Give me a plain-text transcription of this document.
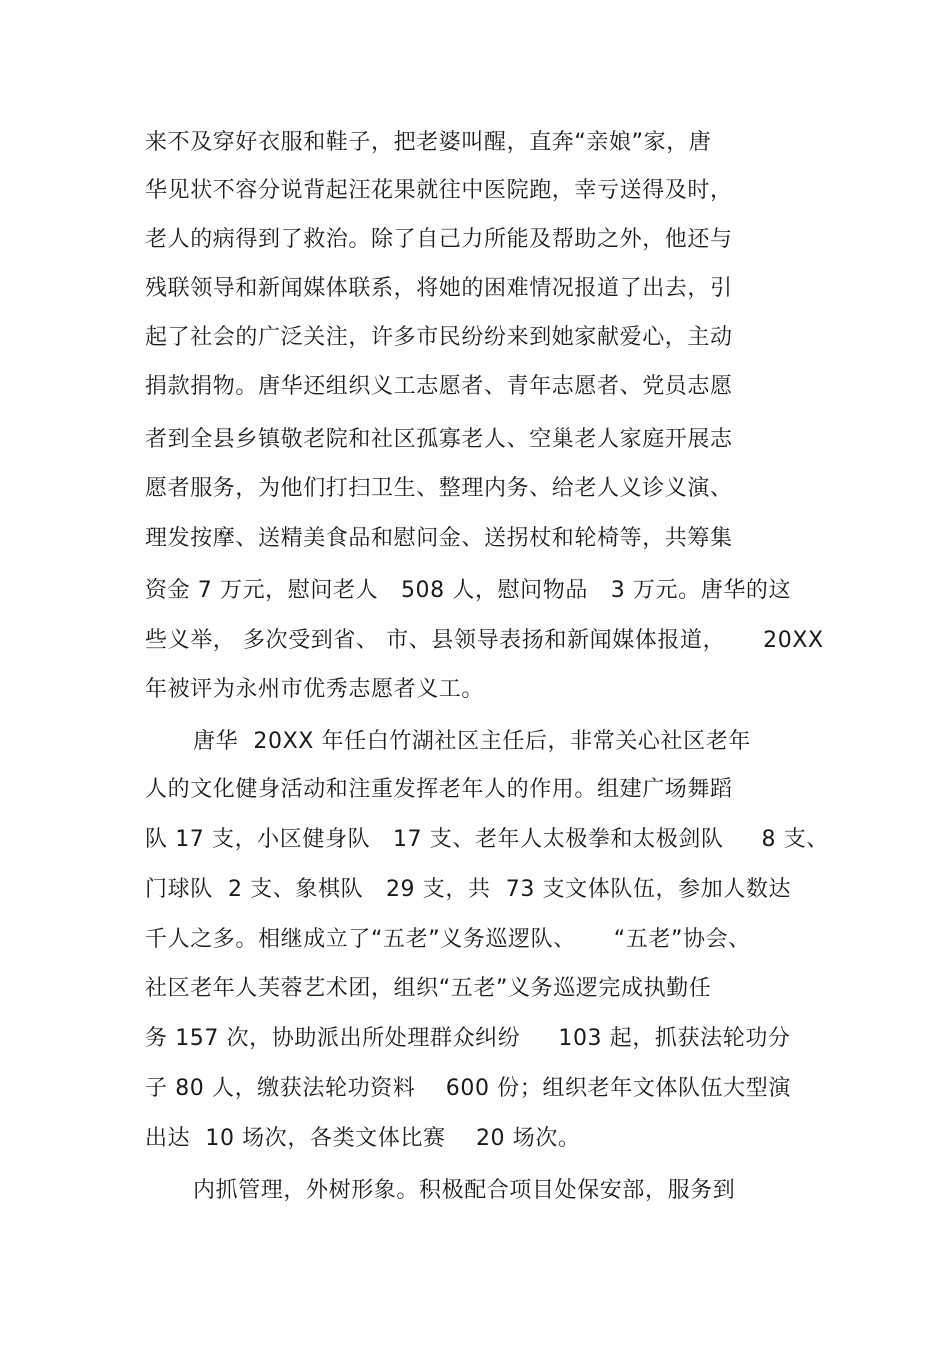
来不及穿好衣服和鞋子，把老婆叫醒，直奔“亲娘”家，唐
华见状不容分说背起汪花果就往中医院跑，幸亏送得及时，
老人的病得到了救治。除了自己力所能及帮助之外，他还与
残联领导和新闻媒体联系，将她的困难情况报道了出去，引
起了社会的广泛关注，许多市民纷纷来到她家献爱心，主动
捐款捐物。唐华还组织义工志愿者、青年志愿者、党员志愿
者到全县乡镇敬老院和社区孤寡老人、空巢老人家庭开展志
愿者服务，为他们打扫卫生、整理内务、给老人义诊义演、
理发按摩、送精美食品和慰问金、送拐杖和轮椅等，共筹集
资金 7 万元，慰问老人   508 人，慰问物品   3 万元。唐华的这
些义举， 多次受到省、 市、县领导表扬和新闻媒体报道，     20XX
年被评为永州市优秀志愿者义工。
唐华  20XX 年任白竹湖社区主任后，非常关心社区老年
人的文化健身活动和注重发挥老年人的作用。组建广场舞蹈
队 17 支，小区健身队   17 支、老年人太极拳和太极剑队     8 支、
门球队  2 支、象棋队   29 支，共  73 支文体队伍，参加人数达
千人之多。相继成立了“五老”义务巡逻队、     “五老”协会、
社区老年人芙蓉艺术团，组织“五老”义务巡逻完成执勤任
务 157 次，协助派出所处理群众纠纷     103 起，抓获法轮功分
子 80 人，缴获法轮功资料    600 份；组织老年文体队伍大型演
出达  10 场次，各类文体比赛    20 场次。
内抓管理，外树形象。积极配合项目处保安部，服务到
